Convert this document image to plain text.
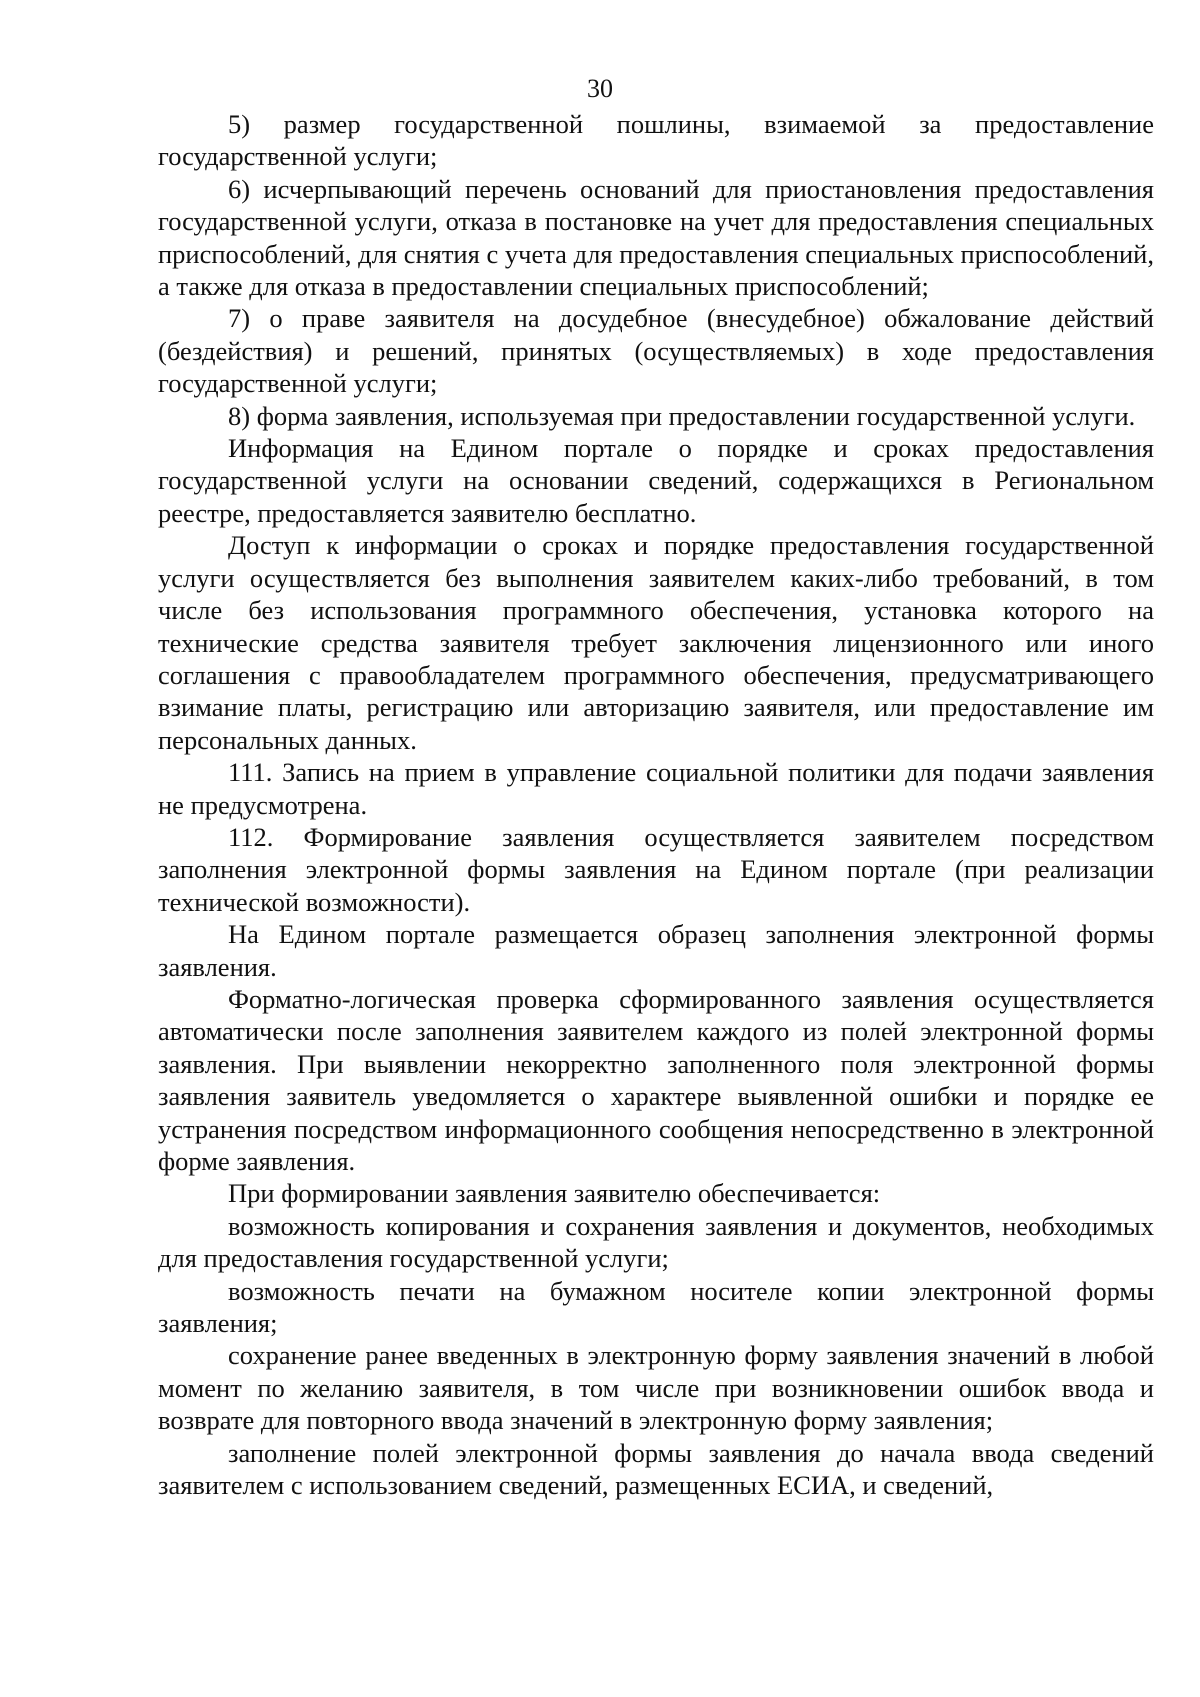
30

5) размер государственной пошлины, взимаемой за предоставление государственной услуги;

6) исчерпывающий перечень оснований для приостановления предоставления государственной услуги, отказа в постановке на учет для предоставления специальных приспособлений, для снятия с учета для предоставления специальных приспособлений, а также для отказа в предоставлении специальных приспособлений;

7) о праве заявителя на досудебное (внесудебное) обжалование действий (бездействия) и решений, принятых (осуществляемых) в ходе предоставления государственной услуги;

8) форма заявления, используемая при предоставлении государственной услуги.

Информация на Едином портале о порядке и сроках предоставления государственной услуги на основании сведений, содержащихся в Региональном реестре, предоставляется заявителю бесплатно.

Доступ к информации о сроках и порядке предоставления государственной услуги осуществляется без выполнения заявителем каких-либо требований, в том числе без использования программного обеспечения, установка которого на технические средства заявителя требует заключения лицензионного или иного соглашения с правообладателем программного обеспечения, предусматривающего взимание платы, регистрацию или авторизацию заявителя, или предоставление им персональных данных.

111. Запись на прием в управление социальной политики для подачи заявления не предусмотрена.

112. Формирование заявления осуществляется заявителем посредством заполнения электронной формы заявления на Едином портале (при реализации технической возможности).

На Едином портале размещается образец заполнения электронной формы заявления.

Форматно-логическая проверка сформированного заявления осуществляется автоматически после заполнения заявителем каждого из полей электронной формы заявления. При выявлении некорректно заполненного поля электронной формы заявления заявитель уведомляется о характере выявленной ошибки и порядке ее устранения посредством информационного сообщения непосредственно в электронной форме заявления.

При формировании заявления заявителю обеспечивается:

возможность копирования и сохранения заявления и документов, необходимых для предоставления государственной услуги;

возможность печати на бумажном носителе копии электронной формы заявления;

сохранение ранее введенных в электронную форму заявления значений в любой момент по желанию заявителя, в том числе при возникновении ошибок ввода и возврате для повторного ввода значений в электронную форму заявления;

заполнение полей электронной формы заявления до начала ввода сведений заявителем с использованием сведений, размещенных ЕСИА, и сведений,
